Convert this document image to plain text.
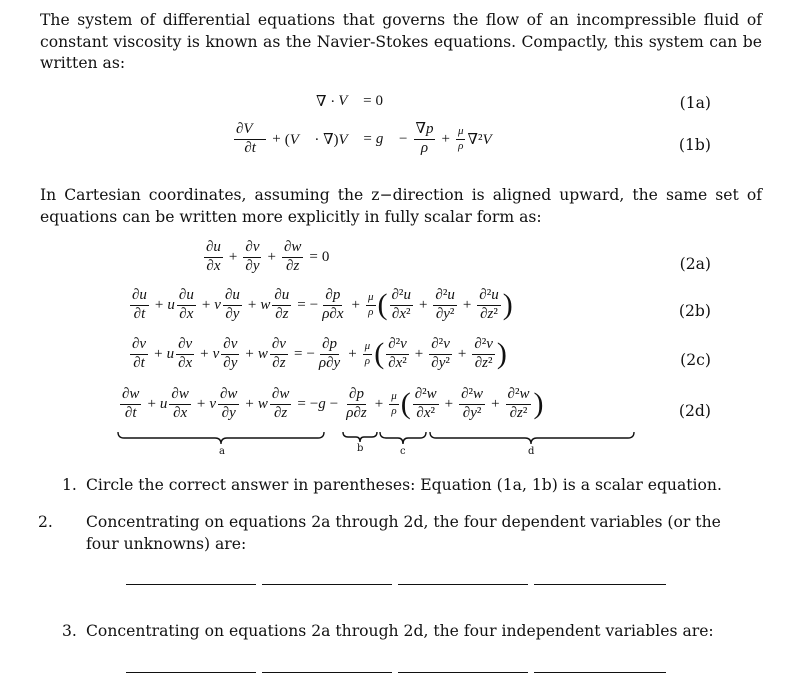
The system of differential equations that governs the flow of an incompressible fluid of constant viscosity is known as the Navier-Stokes equations. Compactly, this system can be written as:

∇ · V⃗ = 0	(1a)
$\frac{\partial V⃗}{\partial t}$ + (V⃗ · ∇)V⃗ = g⃗ − $\frac{\nabla p}{\rho} + \frac{\mu}{\rho}$ ∇²V⃗	(1b)

In Cartesian coordinates, assuming the z−direction is aligned upward, the same set of equations can be written more explicitly in fully scalar form as:

$\frac{\partial u}{\partial x} + \frac{\partial v}{\partial y} + \frac{\partial w}{\partial z} = 0$	(2a)
$\frac{\partial u}{\partial t} + u \frac{\partial u}{\partial x} + v \frac{\partial u}{\partial y} + w \frac{\partial u}{\partial z}$ = − $\frac{\partial p}{\rho\partial x} + \frac{\mu}{\rho}$ ( $\frac{\text{∂²u}}{\text{∂x²}} + \frac{\text{∂²u}}{\text{∂y²}} + \frac{\text{∂²u}}{\text{∂z²}}$ )	(2b)
$\frac{\partial v}{\partial t} + u \frac{\partial v}{\partial x} + v \frac{\partial v}{\partial y} + w \frac{\partial v}{\partial z}$ = − $\frac{\partial p}{\rho\partial y} + \frac{\mu}{\rho}$ ( $\frac{\text{∂²v}}{\text{∂x²}} + \frac{\text{∂²v}}{\text{∂y²}} + \frac{\text{∂²v}}{\text{∂z²}}$ )	(2c)
$\frac{\partial w}{\partial t} + u \frac{\partial w}{\partial x} + v \frac{\partial w}{\partial y} + w \frac{\partial w}{\partial z} = -g - \frac{\partial p}{\rho\partial z} + \frac{\mu}{\rho}$ ( $\frac{\text{∂²w}}{\text{∂x²}} + \frac{\text{∂²w}}{\text{∂y²}} + \frac{\text{∂²w}}{\text{∂z²}}$ )	(2d)
a	b	c	d

1. Circle the correct answer in parentheses: Equation (1a, 1b) is a scalar equation.

2. Concentrating on equations 2a through 2d, the four dependent variables (or the four unknowns) are:

3. Concentrating on equations 2a through 2d, the four independent variables are:
